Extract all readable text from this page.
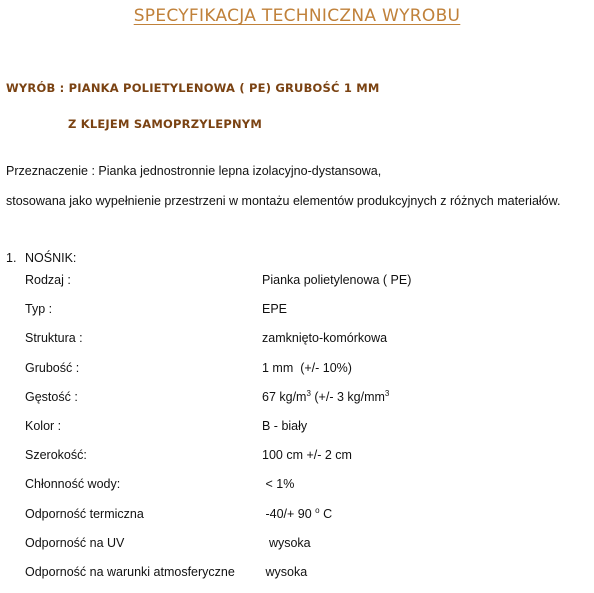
SPECYFIKACJA TECHNICZNA WYROBU
WYRÓB : PIANKA POLIETYLENOWA ( PE) GRUBOŚĆ 1 MM
Z KLEJEM SAMOPRZYLEPNYM
Przeznaczenie : Pianka jednostronnie lepna izolacyjno-dystansowa,
stosowana jako wypełnienie przestrzeni w montażu elementów produkcyjnych z różnych materiałów.
1. NOŚNIK:
Rodzaj :	Pianka polietylenowa ( PE)
Typ :	EPE
Struktura :	zamknięto-komórkowa
Grubość :	1 mm  (+/- 10%)
Gęstość :	67 $kg/m^3$ (+/- 3 $kg/mm^3$
Kolor :	B - biały
Szerokość:	100 cm +/- 2 cm
Chłonność wody:	< 1%
Odporność termiczna	-40/+ 90 $^o$ C
Odporność na UV	wysoka
Odporność na warunki atmosferyczne wysoka
